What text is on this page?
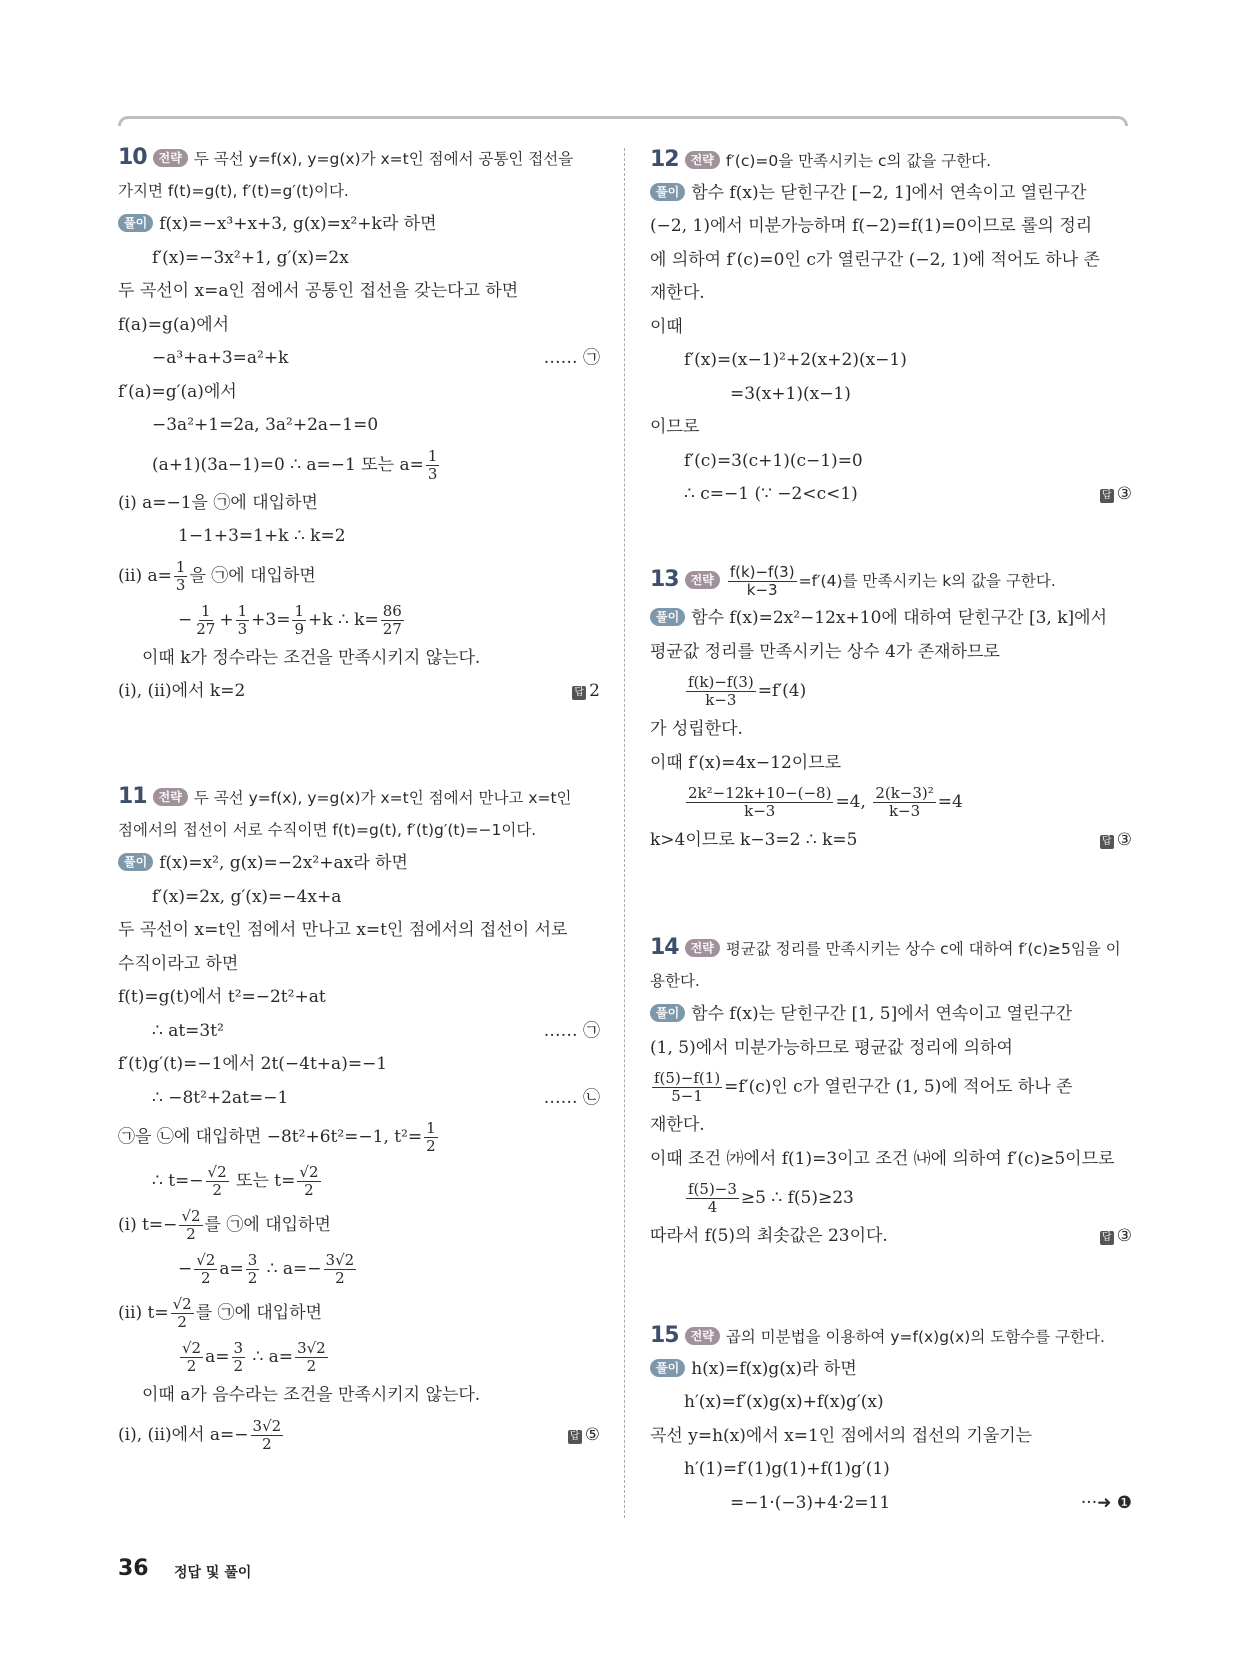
10 전략 두 곡선 y=f(x), y=g(x)가 x=t인 점에서 공통인 접선을
가지면 f(t)=g(t), f′(t)=g′(t)이다.
풀이 f(x)=−x³+x+3, g(x)=x²+k라 하면
f′(x)=−3x²+1, g′(x)=2x
두 곡선이 x=a인 점에서 공통인 접선을 갖는다고 하면
f(a)=g(a)에서
−a³+a+3=a²+k	…… ㉠
f′(a)=g′(a)에서
−3a²+1=2a, 3a²+2a−1=0
(a+1)(3a−1)=0 ∴ a=−1 또는 $a= \frac{1}{3}$
(ⅰ) a=−1을 ㉠에 대입하면
1−1+3=1+k ∴ k=2
(ⅱ) $a= \frac{1}{3}$ 을 ㉠에 대입하면
− $\frac{1}{27} + \frac{1}{3} +3= \frac{1}{9} +k$ ∴ $k= \frac{86}{27}$
이때 k가 정수라는 조건을 만족시키지 않는다.
(ⅰ), (ⅱ)에서 k=2	답 2
11 전략 두 곡선 y=f(x), y=g(x)가 x=t인 점에서 만나고 x=t인
점에서의 접선이 서로 수직이면 f(t)=g(t), f′(t)g′(t)=−1이다.
풀이 f(x)=x², g(x)=−2x²+ax라 하면
f′(x)=2x, g′(x)=−4x+a
두 곡선이 x=t인 점에서 만나고 x=t인 점에서의 접선이 서로
수직이라고 하면
f(t)=g(t)에서 t²=−2t²+at
∴ at=3t²	…… ㉠
f′(t)g′(t)=−1에서 2t(−4t+a)=−1
∴ −8t²+2at=−1	…… ㉡
㉠을 ㉡에 대입하면 −8t²+6t²=−1, $t^2= \frac{1}{2}$
∴ $t=- \frac{√2}{2}$ 또는 $t= \frac{√2}{2}$
(ⅰ) $t=- \frac{√2}{2}$ 를 ㉠에 대입하면
− $\frac{√2}{2} a= \frac{3}{2}$ ∴ $a=- \frac{3√2}{2}$
(ⅱ) $t= \frac{√2}{2}$ 를 ㉠에 대입하면
$\frac{√2}{2} a= \frac{3}{2}$ ∴ $a= \frac{3√2}{2}$
이때 a가 음수라는 조건을 만족시키지 않는다.
(ⅰ), (ⅱ)에서 $a=- \frac{3√2}{2}$	답 ⑤
12 전략 f′(c)=0을 만족시키는 c의 값을 구한다.
풀이 함수 f(x)는 닫힌구간 [−2, 1]에서 연속이고 열린구간
(−2, 1)에서 미분가능하며 f(−2)=f(1)=0이므로 롤의 정리
에 의하여 f′(c)=0인 c가 열린구간 (−2, 1)에 적어도 하나 존
재한다.
이때
f′(x)=(x−1)²+2(x+2)(x−1)
=3(x+1)(x−1)
이므로
f′(c)=3(c+1)(c−1)=0
∴ c=−1 (∵ −2<c<1)	답 ③
13 전략 $\frac{f(k)-f(3)}{k-3} =f'(4)$를 만족시키는 k의 값을 구한다.
풀이 함수 f(x)=2x²−12x+10에 대하여 닫힌구간 [3, k]에서
평균값 정리를 만족시키는 상수 4가 존재하므로
$\frac{f(k)-f(3)}{k-3} =f'(4)$
가 성립한다.
이때 f′(x)=4x−12이므로
$\frac{\text{2k²−12k+10−(−8)}}{k-3} =4$, $\frac{\text{2(k−3)²}}{k-3} =4$
k>4이므로 k−3=2 ∴ k=5	답 ③
14 전략 평균값 정리를 만족시키는 상수 c에 대하여 f′(c)≥5임을 이
용한다.
풀이 함수 f(x)는 닫힌구간 [1, 5]에서 연속이고 열린구간
(1, 5)에서 미분가능하므로 평균값 정리에 의하여
$\frac{f(5)-f(1)}{5-1} =f'(c)$인 c가 열린구간 (1, 5)에 적어도 하나 존
재한다.
이때 조건 ㈎에서 f(1)=3이고 조건 ㈏에 의하여 f′(c)≥5이므로
$\frac{f(5)-3}{4} \ge 5$ ∴ f(5)≥23
따라서 f(5)의 최솟값은 23이다.	답 ③
15 전략 곱의 미분법을 이용하여 y=f(x)g(x)의 도함수를 구한다.
풀이 h(x)=f(x)g(x)라 하면
h′(x)=f′(x)g(x)+f(x)g′(x)
곡선 y=h(x)에서 x=1인 점에서의 접선의 기울기는
h′(1)=f′(1)g(1)+f(1)g′(1)
=−1·(−3)+4·2=11	···➜ ❶
36 정답 및 풀이
